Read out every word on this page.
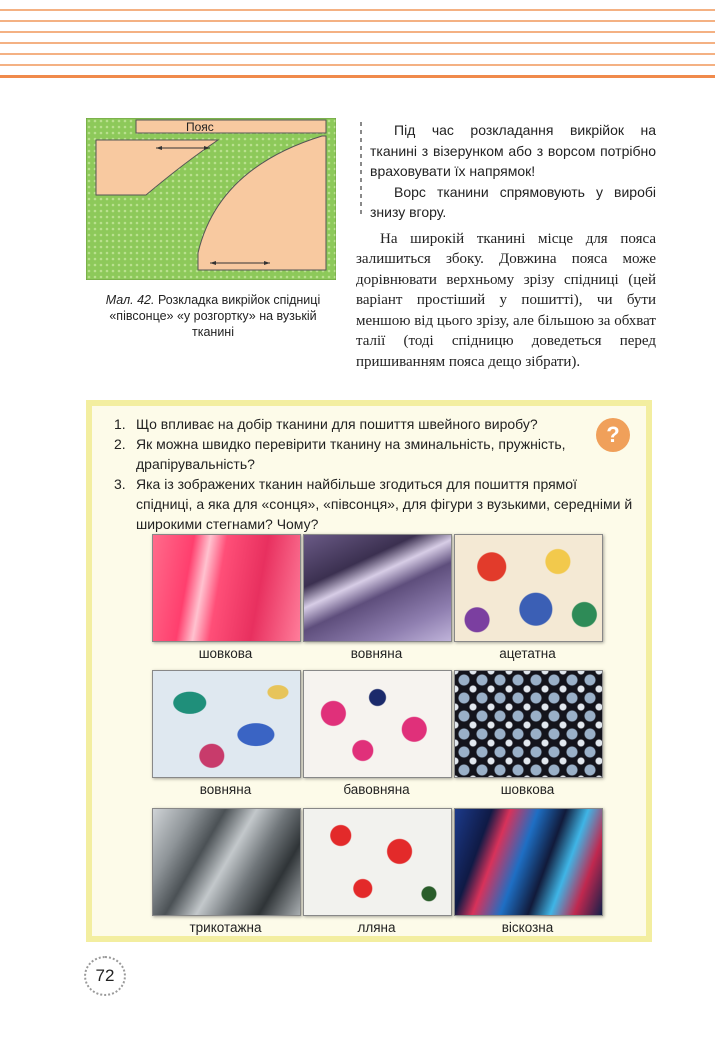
Пояс
Мал. 42. Розкладка викрійок спідниці «півсонце» «у розгортку» на вузькій тканині

Під час розкладання викрійок на тканині з візерунком або з ворсом потрібно враховувати їх напрямок!

Ворс тканини спрямовують у виробі знизу вгору.

На широкій тканині місце для пояса залишиться збоку. Довжина пояса може дорівнювати верхньому зрізу спідниці (цей варіант простіший у пошитті), чи бути меншою від цього зрізу, але більшою за обхват талії (тоді спідницю доведеться перед пришиванням пояса дещо зібрати).

1. Що впливає на добір тканини для пошиття швейного виробу?
2. Як можна швидко перевірити тканину на зминальність, пружність, драпірувальність?
3. Яка із зображених тканин найбільше згодиться для пошиття прямої спідниці, а яка для «сонця», «півсонця», для фігури з вузькими, середніми й широкими стегнами? Чому?
?
шовкова	вовняна	ацетатна
вовняна	бавовняна	шовкова
трикотажна	лляна	віскозна
72
